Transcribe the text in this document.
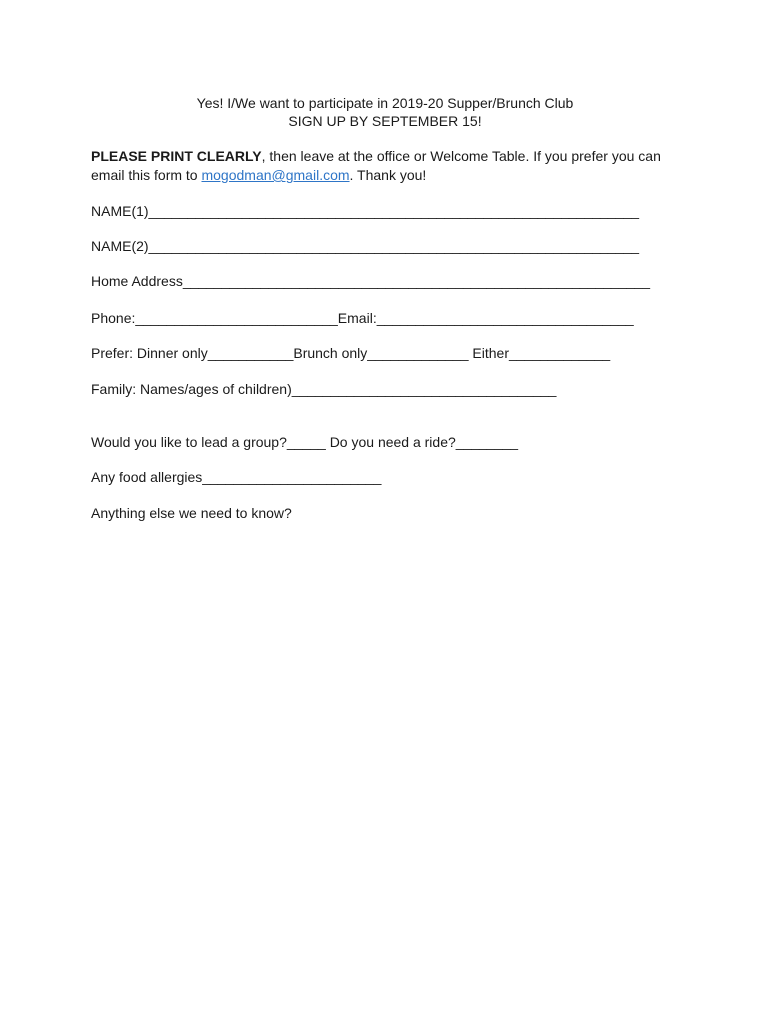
Yes! I/We want to participate in 2019-20 Supper/Brunch Club
SIGN UP BY SEPTEMBER 15!
PLEASE PRINT CLEARLY, then leave at the office or Welcome Table. If you prefer you can email this form to mogodman@gmail.com. Thank you!
NAME(1)_______________________________________________________________
NAME(2)_______________________________________________________________
Home Address____________________________________________________________
Phone:__________________________Email:_________________________________
Prefer: Dinner only___________Brunch only_____________ Either_____________
Family: Names/ages of children)__________________________________
Would you like to lead a group?_____ Do you need a ride?________
Any food allergies_______________________
Anything else we need to know?
